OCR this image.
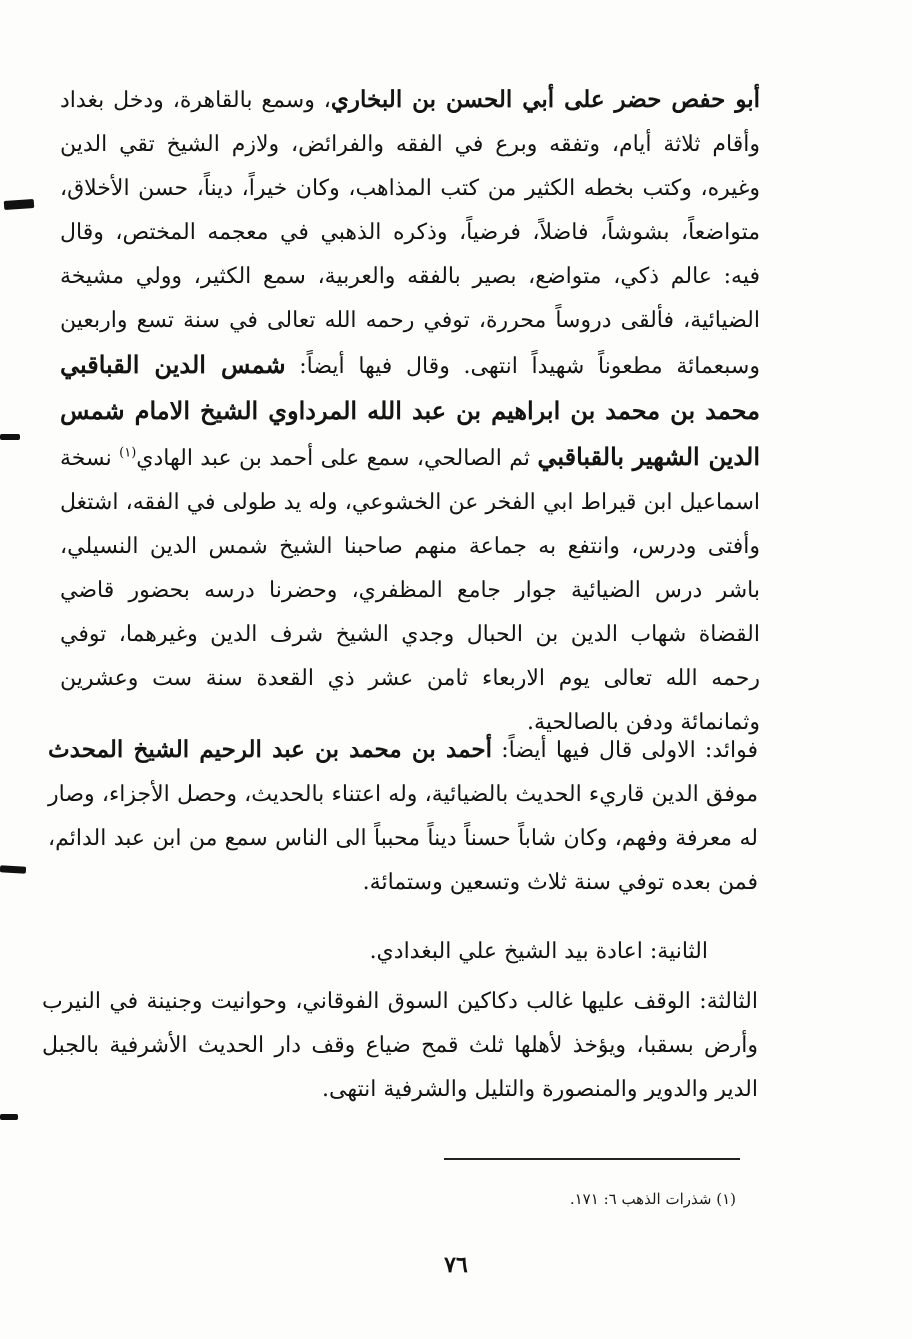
أبو حفص حضر على أبي الحسن بن البخاري، وسمع بالقاهرة، ودخل بغداد وأقام ثلاثة أيام، وتفقه وبرع في الفقه والفرائض، ولازم الشيخ تقي الدين وغيره، وكتب بخطه الكثير من كتب المذاهب، وكان خيراً، ديناً، حسن الأخلاق، متواضعاً، بشوشاً، فاضلاً، فرضياً، وذكره الذهبي في معجمه المختص، وقال فيه: عالم ذكي، متواضع، بصير بالفقه والعربية، سمع الكثير، وولي مشيخة الضيائية، فألقى دروساً محررة، توفي رحمه الله تعالى في سنة تسع واربعين وسبعمائة مطعوناً شهيداً انتهى. وقال فيها أيضاً: شمس الدين القباقبي محمد بن محمد بن ابراهيم بن عبد الله المرداوي الشيخ الامام شمس الدين الشهير بالقباقبي ثم الصالحي، سمع على أحمد بن عبد الهادي$^{(١)}$ نسخة اسماعيل ابن قيراط ابي الفخر عن الخشوعي، وله يد طولى في الفقه، اشتغل وأفتى ودرس، وانتفع به جماعة منهم صاحبنا الشيخ شمس الدين النسيلي، باشر درس الضيائية جوار جامع المظفري، وحضرنا درسه بحضور قاضي القضاة شهاب الدين بن الحبال وجدي الشيخ شرف الدين وغيرهما، توفي رحمه الله تعالى يوم الاربعاء ثامن عشر ذي القعدة سنة ست وعشرين وثمانمائة ودفن بالصالحية.
فوائد: الاولى قال فيها أيضاً: أحمد بن محمد بن عبد الرحيم الشيخ المحدث موفق الدين قاريء الحديث بالضيائية، وله اعتناء بالحديث، وحصل الأجزاء، وصار له معرفة وفهم، وكان شاباً حسناً ديناً محبباً الى الناس سمع من ابن عبد الدائم، فمن بعده توفي سنة ثلاث وتسعين وستمائة.
الثانية: اعادة بيد الشيخ علي البغدادي.
الثالثة: الوقف عليها غالب دكاكين السوق الفوقاني، وحوانيت وجنينة في النيرب وأرض بسقبا، ويؤخذ لأهلها ثلث قمح ضياع وقف دار الحديث الأشرفية بالجبل الدير والدوير والمنصورة والتليل والشرفية انتهى.
(١) شذرات الذهب ٦: ١٧١.
٧٦
